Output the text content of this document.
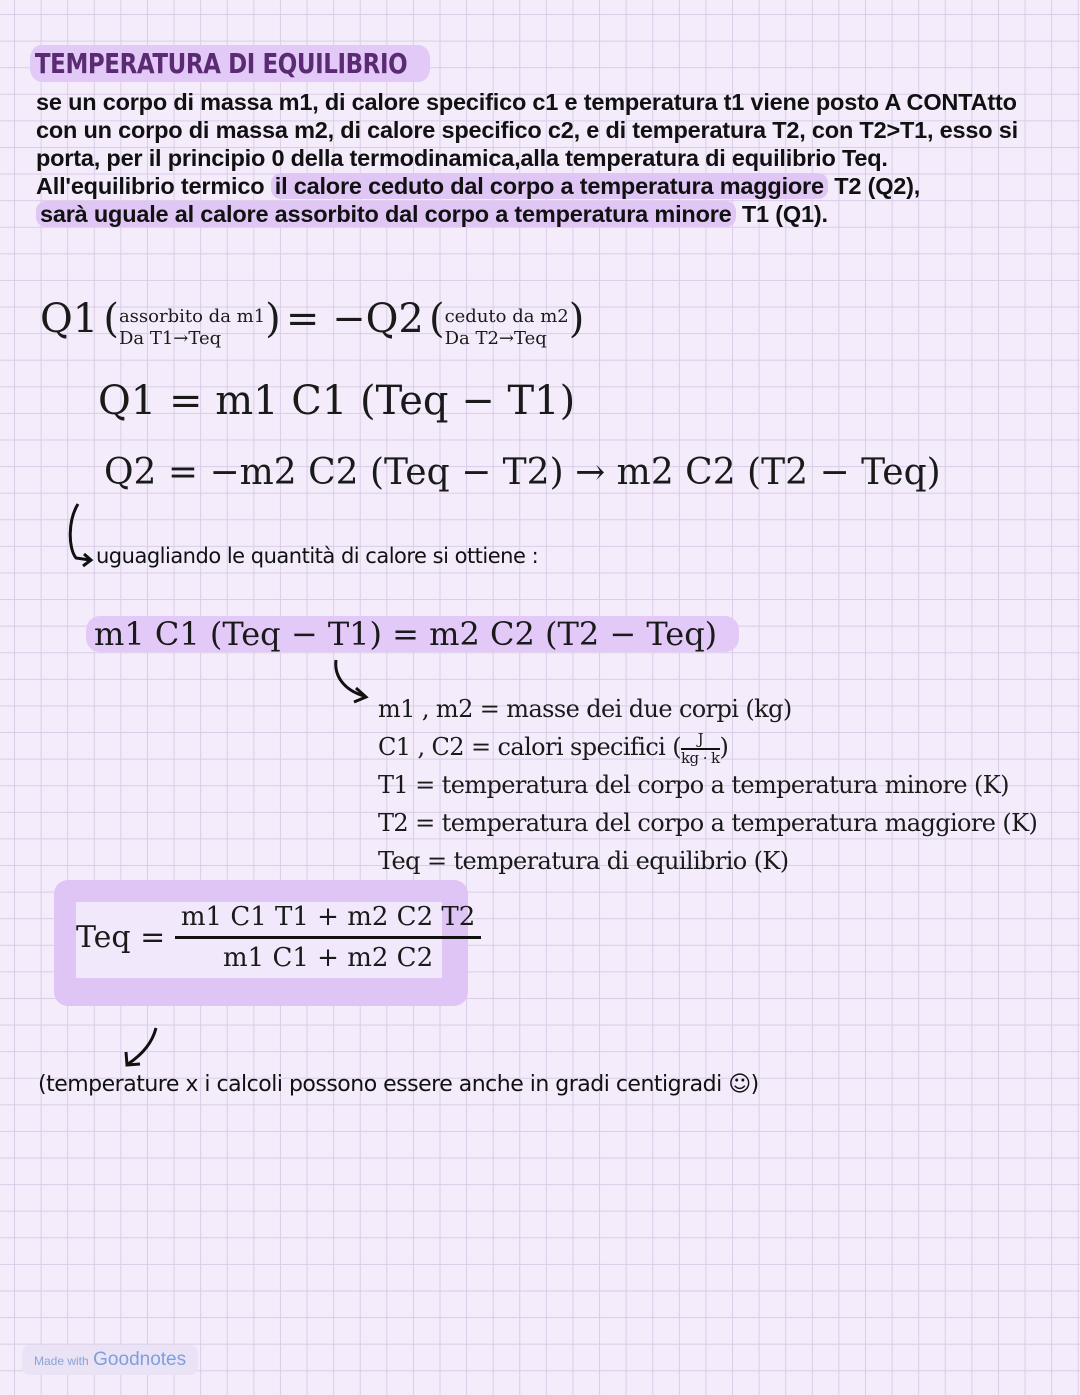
TEMPERATURA DI EQUILIBRIO

se un corpo di massa m1, di calore specifico c1 e temperatura t1 viene posto A CONTAtto con un corpo di massa m2, di calore specifico c2, e di temperatura T2, con T2>T1, esso si porta, per il principio 0 della termodinamica,alla temperatura di equilibrio Teq.

All'equilibrio termico il calore ceduto dal corpo a temperatura maggiore T2 (Q2),

sarà uguale al calore assorbito dal corpo a temperatura minore T1 (Q1).

Q1 (assorbito da m1
Da T1→Teq ) = −Q2 (ceduto da m2
Da T2→Teq )
Q1 = m1 C1 (Teq − T1)
Q2 = −m2 C2 (Teq − T2) → m2 C2 (T2 − Teq)
uguagliando le quantità di calore si ottiene :
m1 C1 (Teq − T1) = m2 C2 (T2 − Teq)
m1 , m2 = masse dei due corpi (kg)
C1 , C2 = calori specifici ( $\frac{J}{kg \cdot k}$ )
T1 = temperatura del corpo a temperatura minore (K)
T2 = temperatura del corpo a temperatura maggiore (K)
Teq = temperatura di equilibrio (K)
Teq = $\frac{m1 C1 T1 + m2 C2 T2}{m1 C1 + m2 C2}$
(temperature x i calcoli possono essere anche in gradi centigradi ☺)
Made with Goodnotes
